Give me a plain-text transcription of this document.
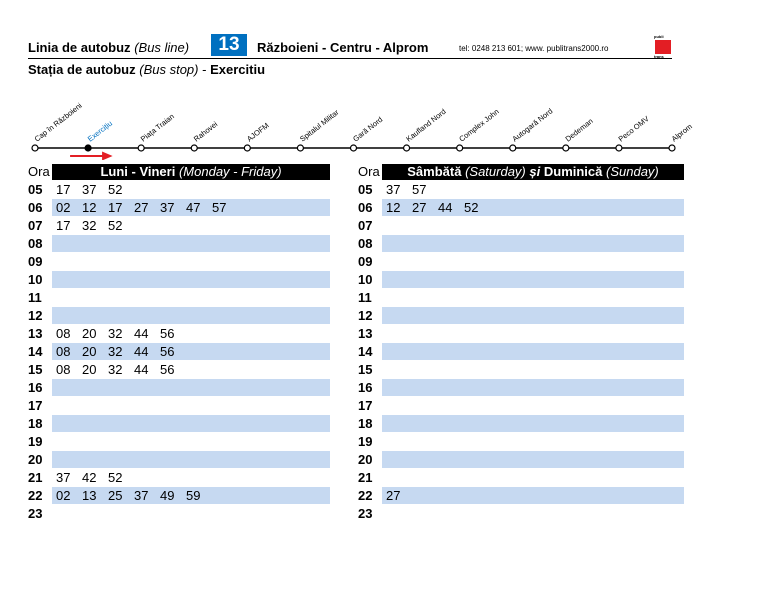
Linia de autobuz (Bus line)	13	Războieni - Centru - Alprom	tel: 0248 213 601; www. publitrans2000.ro
publi
trans
Stația de autobuz (Bus stop) - Exercitiu
Cap în Războieni Exercițiu	Piața Traian Rahovei	AJOFM	Spitalul Militar Gară Nord	Kaufland Nord Complex John Autogară Nord Dedeman	Peco OMV	Alprom
Ora	Luni - Vineri (Monday - Friday)	Ora	Sâmbătă (Saturday) și Duminică (Sunday)
05	17 37 52
06	02 12 17 27 37 47 57
07	17 32 52
08
09
10
11
12
13	08 20 32 44 56
14	08 20 32 44 56
15	08 20 32 44 56
16
17
18
19
20
21	37 42 52
22	02 13 25 37 49 59
23
05	37 57
06	12 27 44 52
07
08
09
10
11
12
13
14
15
16
17
18
19
20
21
22	27
23
